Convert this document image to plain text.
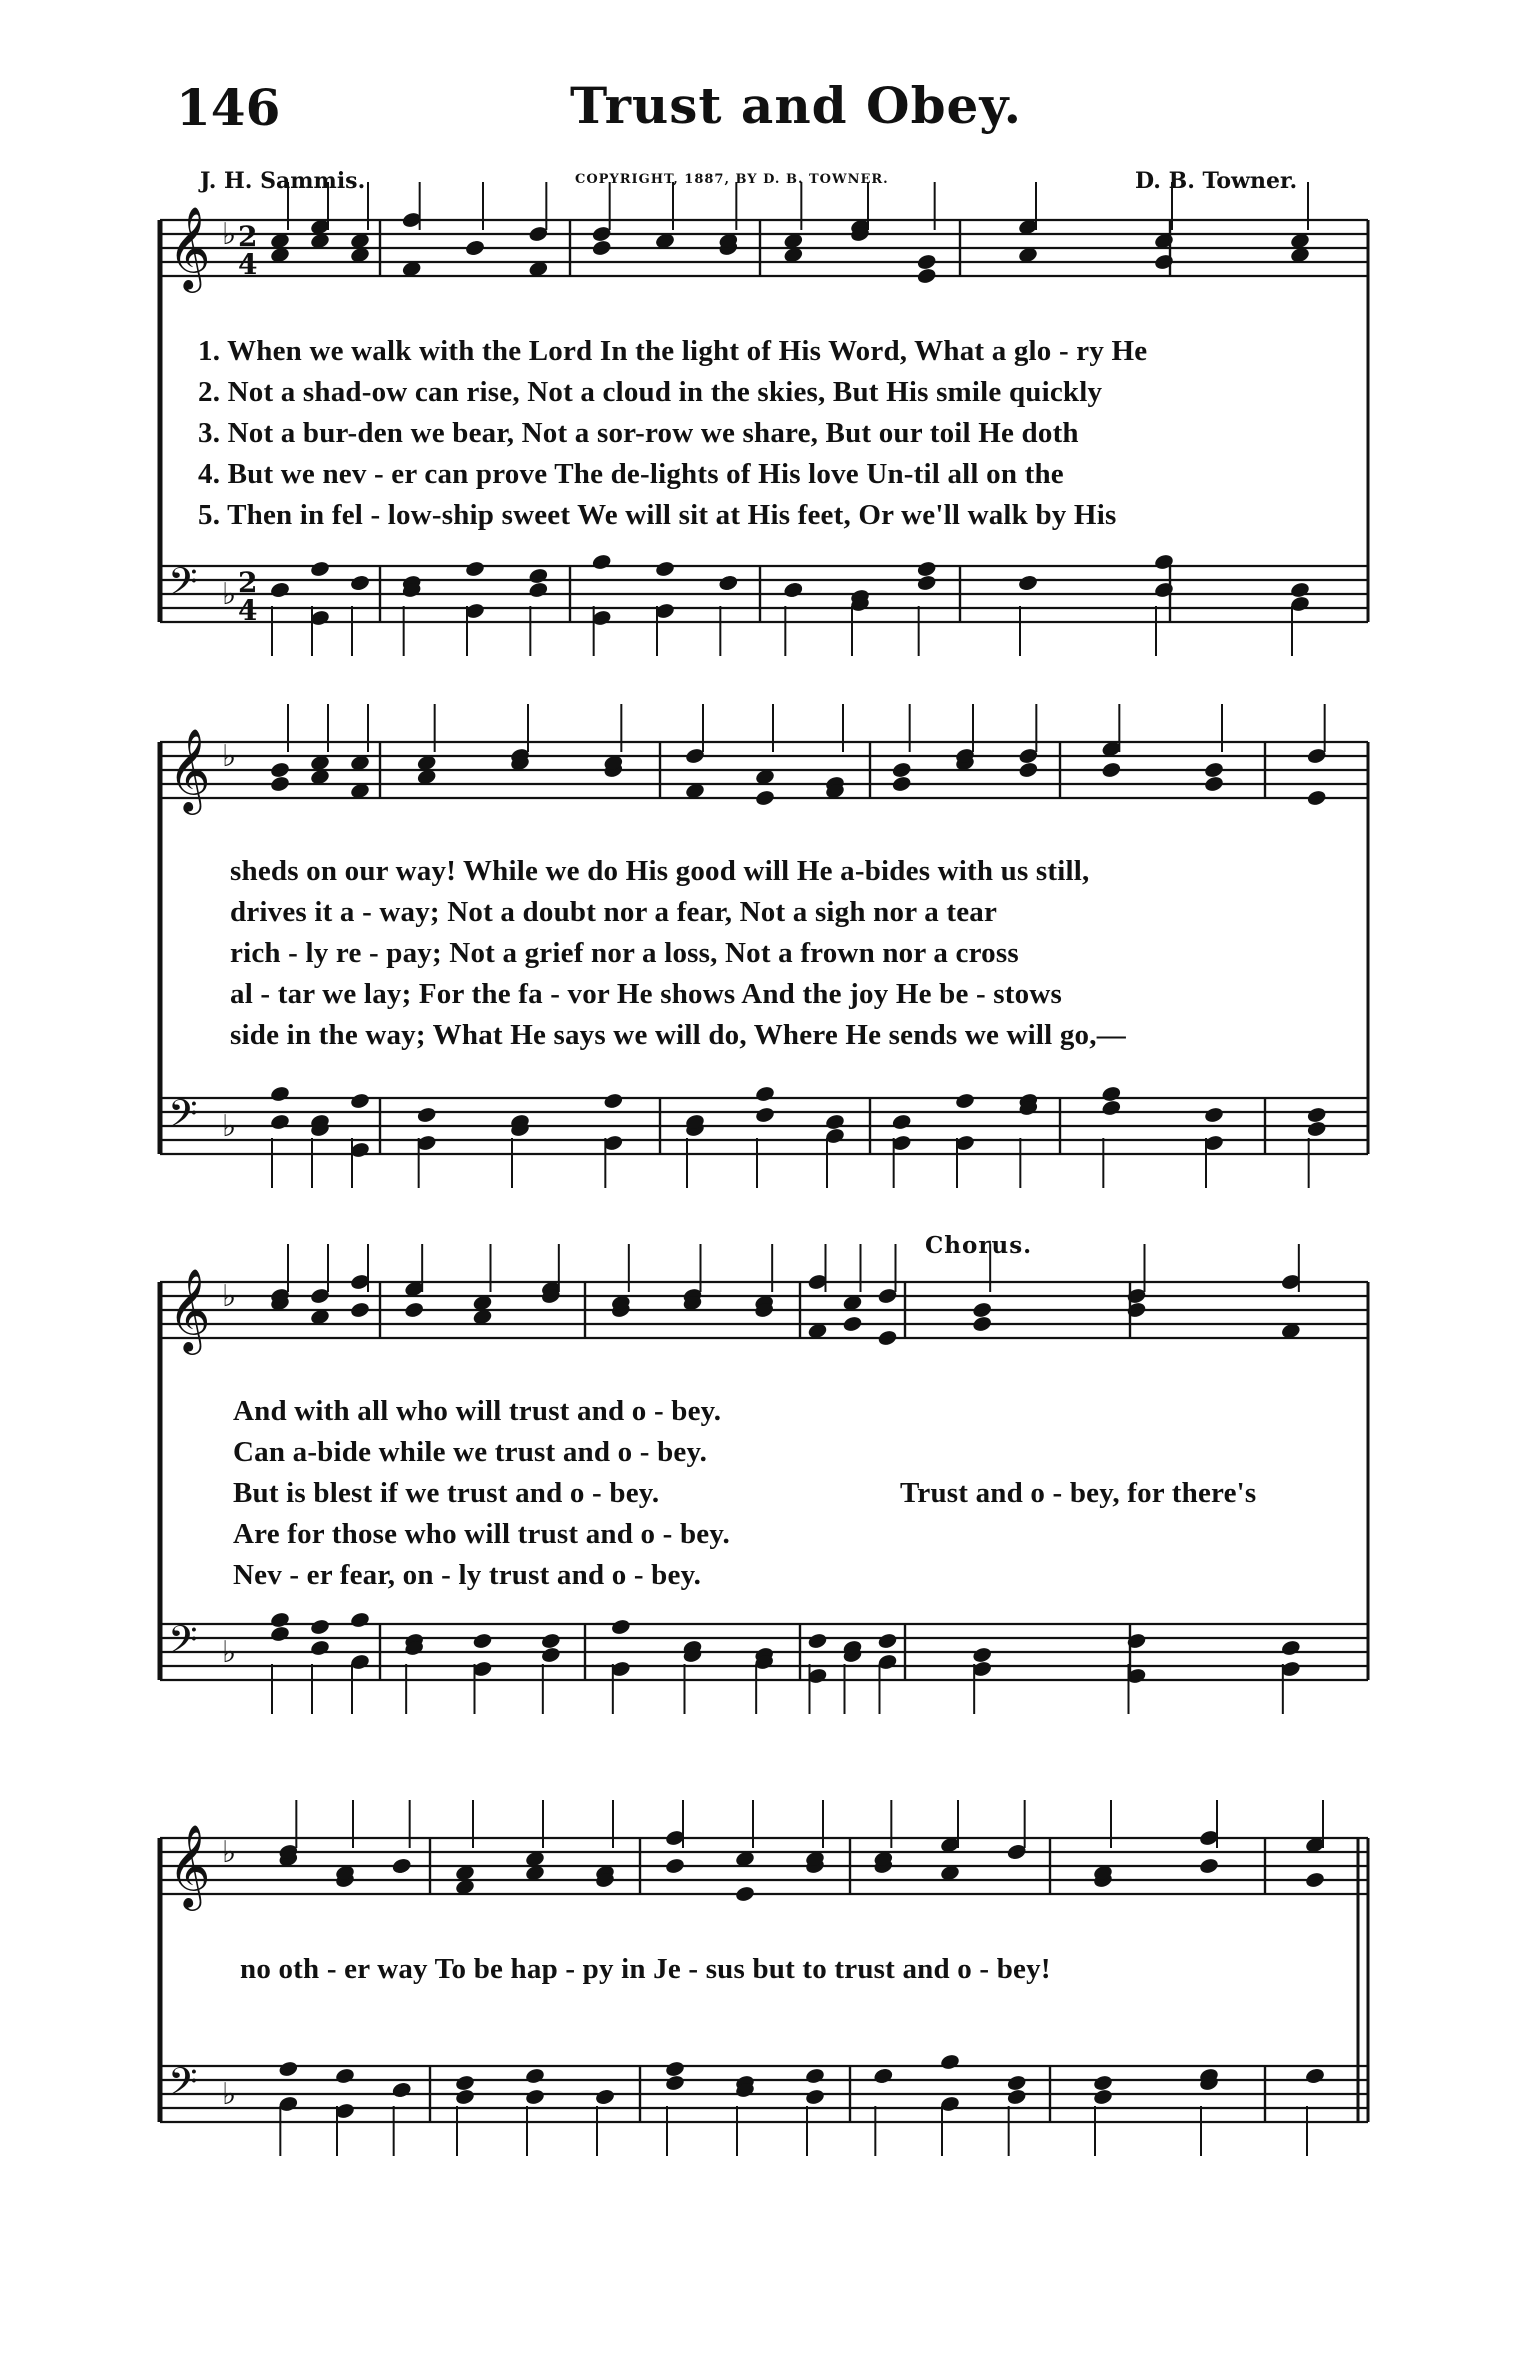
146	Trust and Obey.
J. H. Sammis.	COPYRIGHT, 1887, BY D. B. TOWNER.	D. B. Towner.
𝄞 ♭
𝄢 ♭
𝄞 ♭
𝄢 ♭
𝄞 ♭
𝄢 ♭
𝄞 ♭
𝄢 ♭
2
4
2
4
1. When we walk with the Lord In the light of His Word, What a glo - ry He
2. Not a shad-ow can rise, Not a cloud in the skies, But His smile quickly
3. Not a bur-den we bear, Not a sor-row we share, But our toil He doth
4. But we nev - er can prove The de-lights of His love Un-til all on the
5. Then in fel - low-ship sweet We will sit at His feet, Or we'll walk by His
sheds on our way! While we do His good will He a-bides with us still,
drives it a - way; Not a doubt nor a fear, Not a sigh nor a tear
rich - ly re - pay; Not a grief nor a loss, Not a frown nor a cross
al - tar we lay; For the fa - vor He shows And the joy He be - stows
side in the way; What He says we will do, Where He sends we will go,—
Chorus.
And with all who will trust and o - bey.
Can a-bide while we trust and o - bey.
But is blest if we trust and o - bey.
Are for those who will trust and o - bey.
Nev - er fear, on - ly trust and o - bey.
Trust and o - bey, for there's
no oth - er way To be hap - py in Je - sus but to trust and o - bey!
